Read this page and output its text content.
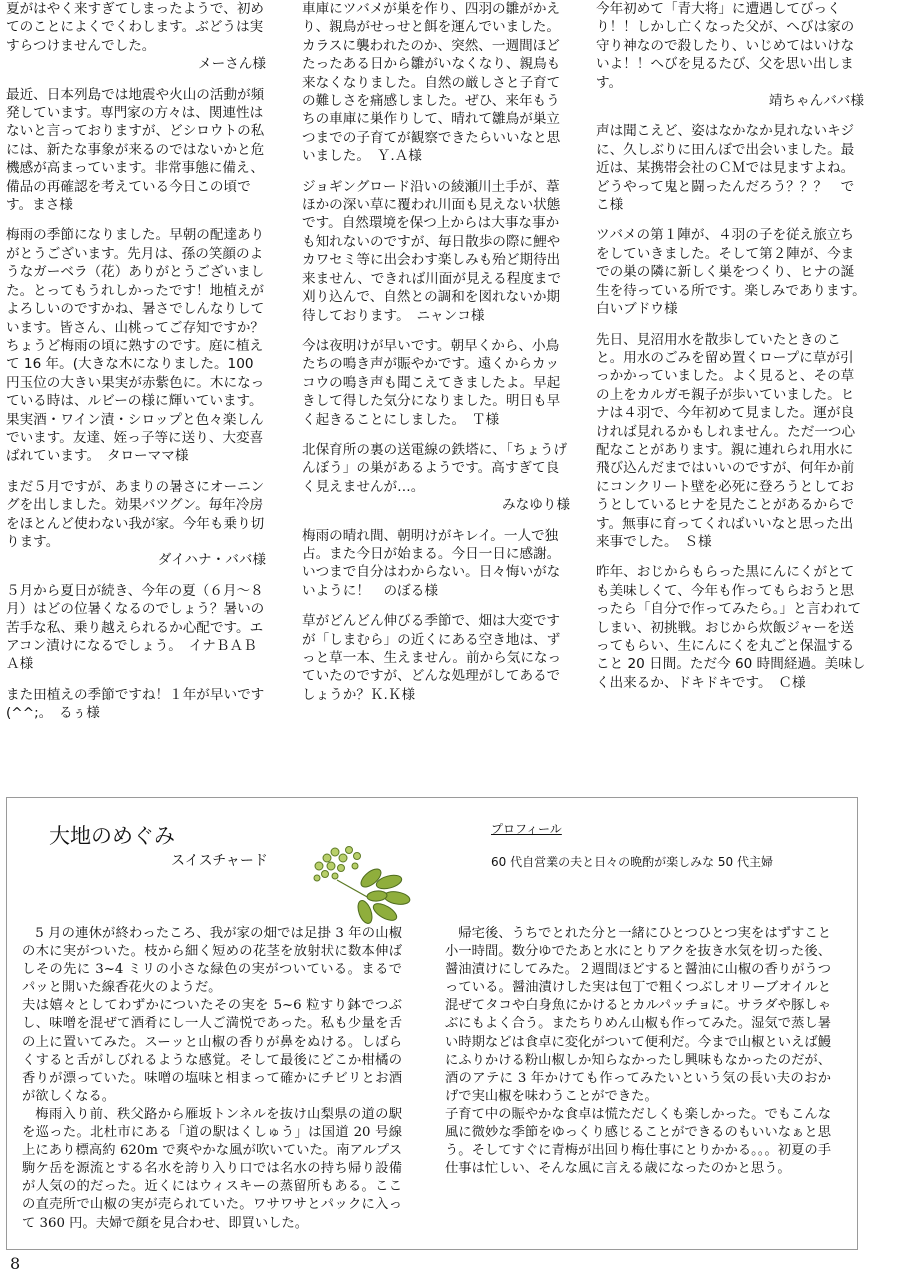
夏がはやく来すぎてしまったようで、初めてのことによくでくわします。ぶどうは実すらつけませんでした。

メーさん様

最近、日本列島では地震や火山の活動が頻発しています。専門家の方々は、関連性はないと言っておりますが、どシロウトの私には、新たな事象が来るのではないかと危機感が高まっています。非常事態に備え、備品の再確認を考えている今日この頃です。まさ様

梅雨の季節になりました。早朝の配達ありがとうございます。先月は、孫の笑顔のようなガーベラ（花）ありがとうございました。とってもうれしかったです！地植えがよろしいのですかね、暑さでしんなりしています。皆さん、山桃ってご存知ですか？ちょうど梅雨の頃に熟すのです。庭に植えて 16 年。(大きな木になりました。100 円玉位の大きい果実が赤紫色に。木になっている時は、ルビーの様に輝いています。果実酒・ワイン漬・シロップと色々楽しんでいます。友達、姪っ子等に送り、大変喜ばれています。　タローママ様

まだ５月ですが、あまりの暑さにオーニングを出しました。効果バツグン。毎年冷房をほとんど使わない我が家。今年も乗り切ります。

ダイハナ・ババ様

５月から夏日が続き、今年の夏（６月～８月）はどの位暑くなるのでしょう？暑いの苦手な私、乗り越えられるか心配です。エアコン漬けになるでしょう。　イナＢＡＢＡ様

また田植えの季節ですね！１年が早いです(^^;。　るぅ様

車庫にツバメが巣を作り、四羽の雛がかえり、親鳥がせっせと餌を運んでいました。カラスに襲われたのか、突然、一週間ほどたったある日から雛がいなくなり、親鳥も来なくなりました。自然の厳しさと子育ての難しさを痛感しました。ぜひ、来年もうちの車庫に巣作りして、晴れて雛鳥が巣立つまでの子育てが観察できたらいいなと思いました。　Ｙ.Ａ様

ジョギングロード沿いの綾瀬川土手が、葦ほかの深い草に覆われ川面も見えない状態です。自然環境を保つ上からは大事な事かも知れないのですが、毎日散歩の際に鯉やカワセミ等に出会わす楽しみも殆ど期待出来ません、できれば川面が見える程度まで刈り込んで、自然との調和を図れないか期待しております。　ニャンコ様

今は夜明けが早いです。朝早くから、小鳥たちの鳴き声が賑やかです。遠くからカッコウの鳴き声も聞こえてきましたよ。早起きして得した気分になりました。明日も早く起きることにしました。　Ｔ様

北保育所の裏の送電線の鉄塔に、「ちょうげんぼう」の巣があるようです。高すぎて良く見えませんが…。

みなゆり様

梅雨の晴れ間、朝明けがキレイ。一人で独占。また今日が始まる。今日一日に感謝。いつまで自分はわからない。日々悔いがないように！　のぼる様

草がどんどん伸びる季節で、畑は大変ですが「しまむら」の近くにある空き地は、ずっと草一本、生えません。前から気になっていたのですが、どんな処理がしてあるでしょうか？Ｋ.Ｋ様

今年初めて「青大将」に遭遇してびっくり！！しかし亡くなった父が、へびは家の守り神なので殺したり、いじめてはいけないよ！！へびを見るたび、父を思い出します。

靖ちゃんババ様

声は聞こえど、姿はなかなか見れないキジに、久しぶりに田んぼで出会いました。最近は、某携帯会社のＣＭでは見ますよね。どうやって鬼と闘ったんだろう？？？　でこ様

ツバメの第１陣が、４羽の子を従え旅立ちをしていきました。そして第２陣が、今までの巣の隣に新しく巣をつくり、ヒナの誕生を待っている所です。楽しみであります。　白いブドウ様

先日、見沼用水を散歩していたときのこと。用水のごみを留め置くロープに草が引っかかっていました。よく見ると、その草の上をカルガモ親子が歩いていました。ヒナは４羽で、今年初めて見ました。運が良ければ見れるかもしれません。ただ一つ心配なことがあります。親に連れられ用水に飛び込んだまではいいのですが、何年か前にコンクリート壁を必死に登ろうとしておうとしているヒナを見たことがあるからです。無事に育ってくればいいなと思った出来事でした。　Ｓ様

昨年、おじからもらった黒にんにくがとても美味しくて、今年も作ってもらおうと思ったら「自分で作ってみたら。」と言われてしまい、初挑戦。おじから炊飯ジャーを送ってもらい、生にんにくを丸ごと保温すること 20 日間。ただ今 60 時間経過。美味しく出来るか、ドキドキです。　Ｃ様

大地のめぐみ
スイスチャード
プロフィール
60 代自営業の夫と日々の晩酌が楽しみな 50 代主婦

5 月の連休が終わったころ、我が家の畑では足掛 3 年の山椒の木に実がついた。枝から細く短めの花茎を放射状に数本伸ばしその先に 3~4 ミリの小さな緑色の実がついている。まるでパッと開いた線香花火のようだ。

夫は嬉々としてわずかについたその実を 5~6 粒すり鉢でつぶし、味噌を混ぜて酒肴にし一人ご満悦であった。私も少量を舌の上に置いてみた。スーッと山椒の香りが鼻をぬける。しばらくすると舌がしびれるような感覚。そして最後にどこか柑橘の香りが漂っていた。味噌の塩味と相まって確かにチビリとお酒が欲しくなる。

梅雨入り前、秩父路から雁坂トンネルを抜け山梨県の道の駅を巡った。北杜市にある「道の駅はくしゅう」は国道 20 号線上にあり標高約 620m で爽やかな風が吹いていた。南アルプス駒ケ岳を源流とする名水を誇り入り口では名水の持ち帰り設備が人気の的だった。近くにはウィスキーの蒸留所もある。ここの直売所で山椒の実が売られていた。ワサワサとパックに入って 360 円。夫婦で顔を見合わせ、即買いした。

帰宅後、うちでとれた分と一緒にひとつひとつ実をはずすこと小一時間。数分ゆでたあと水にとりアクを抜き水気を切った後、醤油漬けにしてみた。２週間ほどすると醤油に山椒の香りがうつっている。醤油漬けした実は包丁で粗くつぶしオリーブオイルと混ぜてタコや白身魚にかけるとカルパッチョに。サラダや豚しゃぶにもよく合う。またちりめん山椒も作ってみた。湿気で蒸し暑い時期などは食卓に変化がついて便利だ。今まで山椒といえば鰻にふりかける粉山椒しか知らなかったし興味もなかったのだが、酒のアテに 3 年かけても作ってみたいという気の長い夫のおかげで実山椒を味わうことができた。

子育て中の賑やかな食卓は慌ただしくも楽しかった。でもこんな風に微妙な季節をゆっくり感じることができるのもいいなぁと思う。そしてすぐに青梅が出回り梅仕事にとりかかる。。。初夏の手仕事は忙しい、そんな風に言える歳になったのかと思う。

8
